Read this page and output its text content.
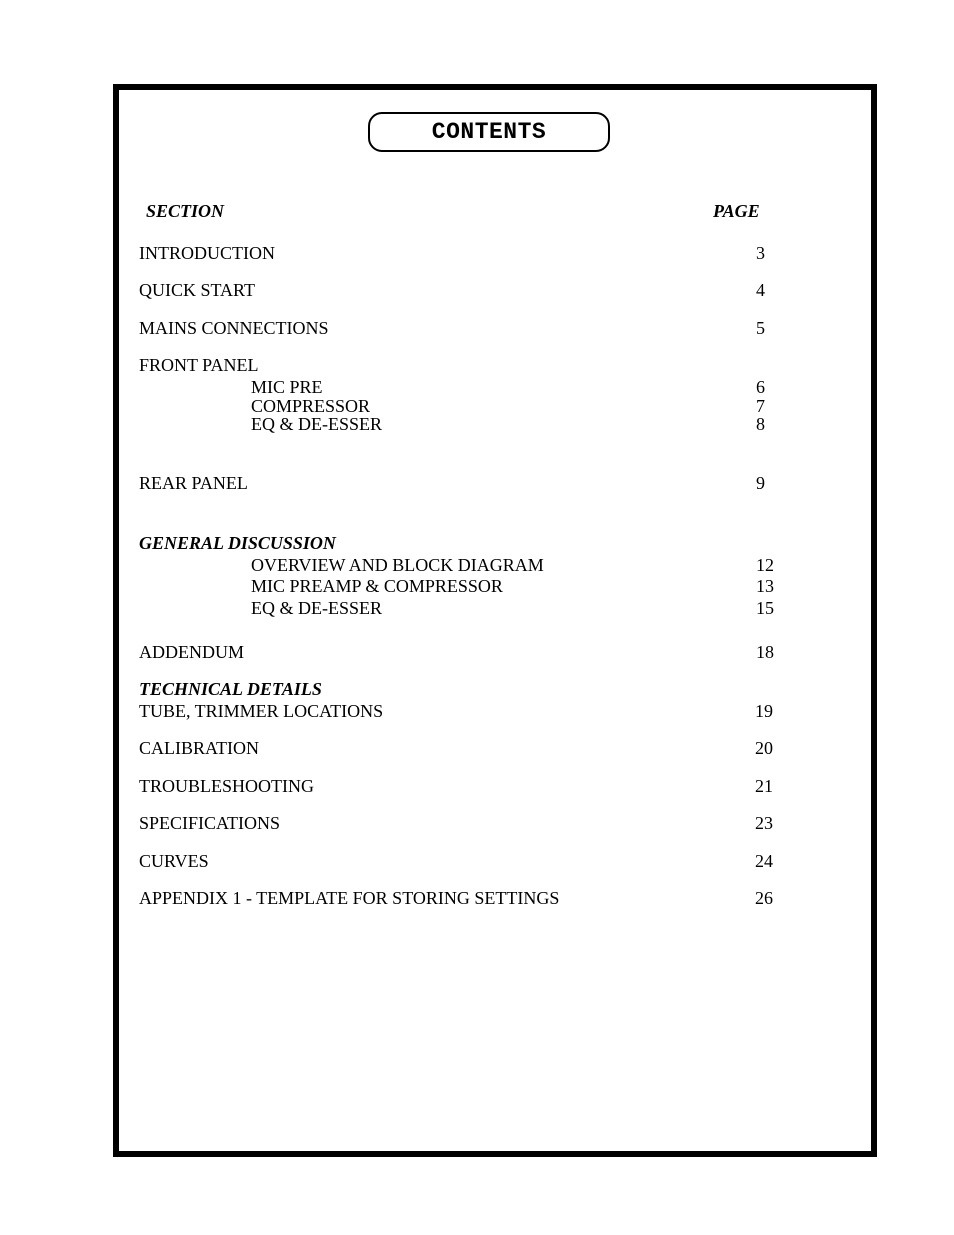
CONTENTS
SECTION	PAGE
INTRODUCTION	3
QUICK START	4
MAINS CONNECTIONS	5
FRONT PANEL
MIC PRE	6
COMPRESSOR	7
EQ & DE-ESSER	8
REAR PANEL	9
GENERAL DISCUSSION
OVERVIEW AND BLOCK DIAGRAM	12
MIC PREAMP & COMPRESSOR	13
EQ & DE-ESSER	15
ADDENDUM	18
TECHNICAL DETAILS
TUBE, TRIMMER LOCATIONS	19
CALIBRATION	20
TROUBLESHOOTING	21
SPECIFICATIONS	23
CURVES	24
APPENDIX 1 - TEMPLATE FOR STORING SETTINGS	26
